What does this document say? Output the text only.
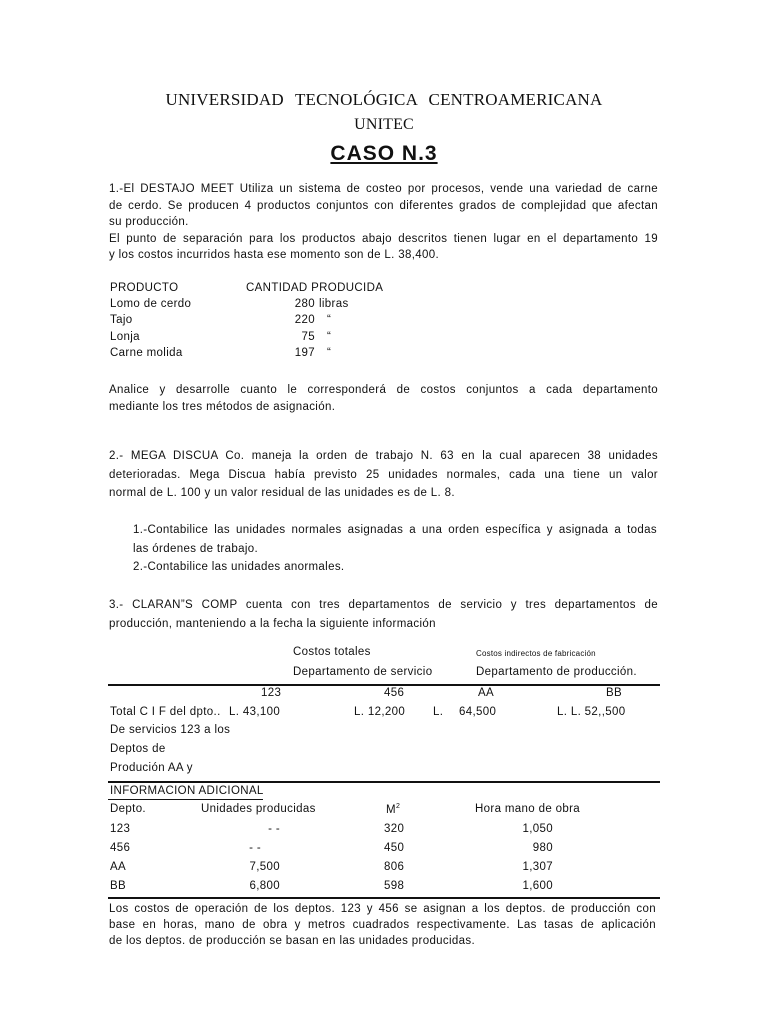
UNIVERSIDAD TECNOLÓGICA CENTROAMERICANA
UNITEC
CASO N.3
1.-El DESTAJO MEET Utiliza un sistema de costeo por procesos, vende una variedad de carne
de cerdo. Se producen 4 productos conjuntos con diferentes grados de complejidad que afectan
su producción.
El punto de separación para los productos abajo descritos tienen lugar en el departamento 19
y los costos incurridos hasta ese momento son de L. 38,400.
PRODUCTO	CANTIDAD PRODUCIDA
Lomo de cerdo	280 libras
Tajo	220 “
Lonja	75 “
Carne molida	197 “
Analice y desarrolle cuanto le corresponderá de costos conjuntos a cada departamento
mediante los tres métodos de asignación.
2.- MEGA DISCUA Co. maneja la orden de trabajo N. 63 en la cual aparecen 38 unidades
deterioradas. Mega Discua había previsto 25 unidades normales, cada una tiene un valor
normal de L. 100 y un valor residual de las unidades es de L. 8.
1.-Contabilice las unidades normales asignadas a una orden específica y asignada a todas
las órdenes de trabajo.
2.-Contabilice las unidades anormales.
3.- CLARAN”S COMP cuenta con tres departamentos de servicio y tres departamentos de
producción, manteniendo a la fecha la siguiente información
Costos totales	Costos indirectos de fabricación
Departamento de servicio	Departamento de producción.
123	456	AA	BB
Total C I F del dpto.. L. 43,100	L. 12,200 L. 64,500	L. L. 52,,500
De servicios 123 a los
Deptos de
Produción AA y
INFORMACION ADICIONAL
Depto.	Unidades producidas	$M^2$	Hora mano de obra
123	- -	320	1,050
456	- -	450	980
AA	7,500	806	1,307
BB	6,800	598	1,600
Los costos de operación de los deptos. 123 y 456 se asignan a los deptos. de producción con
base en horas, mano de obra y metros cuadrados respectivamente. Las tasas de aplicación
de los deptos. de producción se basan en las unidades producidas.
